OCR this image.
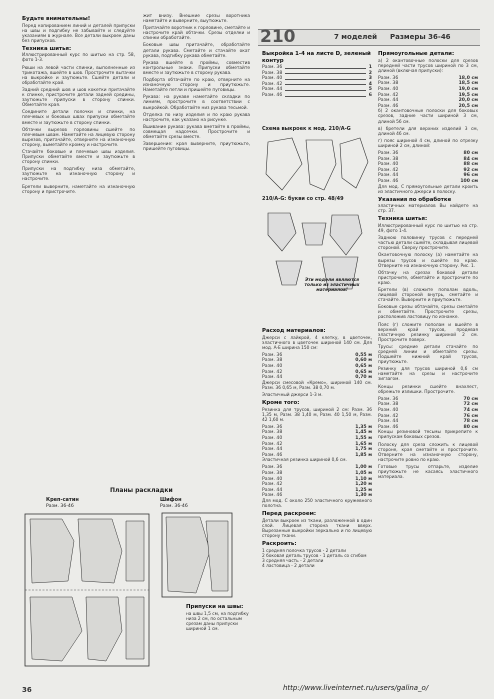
Будьте внимательны!

Перед копированием линий и деталей припуски на швы и подгибку не забывайте и следуйте указаниям в журнале. Все детали выкроек даны без припусков.

Техника шитья:

Иллюстрированный курс по шитью на стр. 58, фото 1-3.

Рюши на левой части спинки, выполненные из трикотажа, вшейте в шов. Прострочите вытачки на выкройке и заутюжьте. Сшейте детали и обработайте край.

Задний средний шов и шов кокетки притачайте к спинке, пристрочите детали задней средины, заутюжьте припуски в сторону спинки. Обметайте края.

Соедините детали полочки и спинки, на плечевых и боковых швах припуски обметайте вместе и заутюжьте в сторону спинки.

Обтачки вырезов горловины сшейте по плечевым швам. Наметайте на лицевую сторону вырезов, притачайте, отверните на изнаночную сторону, выметайте кромку и настрочите.

Стачайте боковые и плечевые швы изделия. Припуски обметайте вместе и заутюжьте в сторону спинки.

Припуски на подгибку низа обметайте, заутюжьте на изнаночную сторону и настрочите.

Бретели выверните, наметайте на изнаночную сторону и пристрочите.

жит внизу. Внешние срезы воротника наметайте и выверните, выутюжьте.

Притачайте воротник к горловине, сметайте и настрочите край обтачки. Срезы отделки и спинки обработайте.

Боковые швы притачайте, обработайте детали рукава. Сметайте и стачайте окат рукава, подгибку рукава обметайте.

Рукава вшейте в проймы, совместив контрольные знаки. Припуски обметайте вместе и заутюжьте в сторону рукава.

Подборта обтачайте по краю, отверните на изнаночную сторону и приутюжьте. Наметайте петли и пришейте пуговицы.

Рукава: на рукаве наметайте складки по линиям, прострочите в соответствии с выкройкой. Обработайте низ рукава тесьмой.

Отделка по низу изделия и по краю рукава настрочите, как указано на рисунке.

Вшивание рукава: рукава вметайте в проймы, совмещая надсечки. Прострочите и обметайте срезы вместе.

Завершение: края выверните, приутюжьте, пришейте пуговицы.

Планы раскладки
Креп-сатин
Разм. 36-46
Шифон
Разм. 36-46
Припуски на швы:

на швы 1,5 см, на подгибку низа 2 см, по остальным срезам даны припуски шириной 1 см.

210	7 моделей Размеры 36-46
Выкройка 1-4 на листе D, зеленый контур
Разм. 36	1
Разм. 38	2
Разм. 40	3
Разм. 42	4
Разм. 44	5
Разм. 46	6
Схема выкроек к мод. 210/A-G
210/A-G: букви со стр. 48/49
Эти модели являются только из эластичных материалов!
Расход материалов:

Джерси с лайкрой, 4 клетку, в цветочек, эластичного в цветочек шириной 140 см. Для мод. A-E ширина 150 см:

Разм. 36	0,55 м
Разм. 38	0,60 м
Разм. 40	0,65 м
Разм. 42	0,65 м
Разм. 44	0,70 м

Джерси смесовой «Кремо», шириной 140 см. Разм. 36 0,65 м, Разм. 38 0,70 м.

Эластичный джерси 1-3 м.

Кроме того:

Резинка для трусов, шириной 2 см: Разм. 36 1,35 м, Разм. 38 1,40 м, Разм. 40 1,50 м, Разм. 42 1,60 м.

Разм. 36	1,35 м
Разм. 38	1,45 м
Разм. 40	1,55 м
Разм. 42	1,65 м
Разм. 44	1,75 м
Разм. 46	1,85 м

Эластичная резинка шириной 0,6 см.

Разм. 36	1,00 м
Разм. 38	1,05 м
Разм. 40	1,10 м
Разм. 42	1,20 м
Разм. 44	1,25 м
Разм. 46	1,30 м

Для мод. C около 250 эластичного кружевного полотна.

Перед раскроем:

Детали выкроек из ткани, разложенной в один слой. Лицевая сторона ткани вверх. Вырезанные выкройки зеркально и по лицевую сторону ткани.

Раскроить:
1 средняя полочка трусов - 2 детали
2 боковая деталь трусов - 1 деталь со сгибом
3 средняя часть - 2 детали
4 ластовица - 2 детали
Прямоугольные детали:

а) 2 окантовочные полоски для срезов передней части трусов шириной по 3 см, длиной (включая припуски):

Разм. 36	18,0 см
Разм. 38	18,5 см
Разм. 40	19,0 см
Разм. 42	19,5 см
Разм. 44	20,0 см
Разм. 46	20,5 см

б) 2 окантовочные полоски для боковых срезов, задние части шириной 3 см, длиной 56 см.

в) бретели для верхних изделий 3 см, длиной 46 см.

г) пояс шириной 4 см, длиной по отрезку шириной 2 см, длиной:

Разм. 36	80 см
Разм. 38	84 см
Разм. 40	88 см
Разм. 42	92 см
Разм. 44	96 см
Разм. 46	100 см

Для мод. C прямоугольные детали кроить из эластичного джерси в полоску.

Указания по обработке

эластичных материалов Вы найдете на стр. 37.

Техника шитья:

Иллюстрированный курс по шитью на стр. 49, фото 1-4.

Заднюю половинку трусов с передней частью детали сшейте, складывая лицевой стороной. Сверху прострочите.

Окантовочную полоску (а) наметайте на вырезы трусов и сшейте по краю. Отверните на изнаночную сторону. Рис. 1.

Обтачку на срезах боковой детали пристрочите, обметайте и прострочите по краю.

Бретели (в) сложите пополам вдоль, лицевой стороной внутрь, сметайте и стачайте. Выверните и приутюжьте.

Боковые срезы обтачайте, срезы сметайте и обметайте. Прострочите срезы, расположив ластовицу по изнанке.

Пояс (г) сложите пополам и вшейте в верхний край трусов, продевая эластичную резинку шириной 2 см. Прострочите поверх.

Трусы: средние детали стачайте по средней линии и обметайте срезы. Подшейте нижний край трусов, приутюжьте.

Резинку для трусов шириной 0,6 см наметайте на срезы и настрочите зигзагом.

Концы резинки сшейте внахлест, обрежьте излишки. Прострочите.

Разм. 36	70 см
Разм. 38	72 см
Разм. 40	74 см
Разм. 42	76 см
Разм. 44	78 см
Разм. 46	80 см

Концы резиновой тесьмы прикрепите к припускам боковых срезов.

Полоску для среза сложить к лицевой стороне, края сметайте и прострочите. Отверните на изнаночную сторону, настрочите ровно по краю.

Готовые трусы отпарьте, изделие приутюжьте не касаясь эластичного материала.

36	http://www.liveinternet.ru/users/galina_o/
